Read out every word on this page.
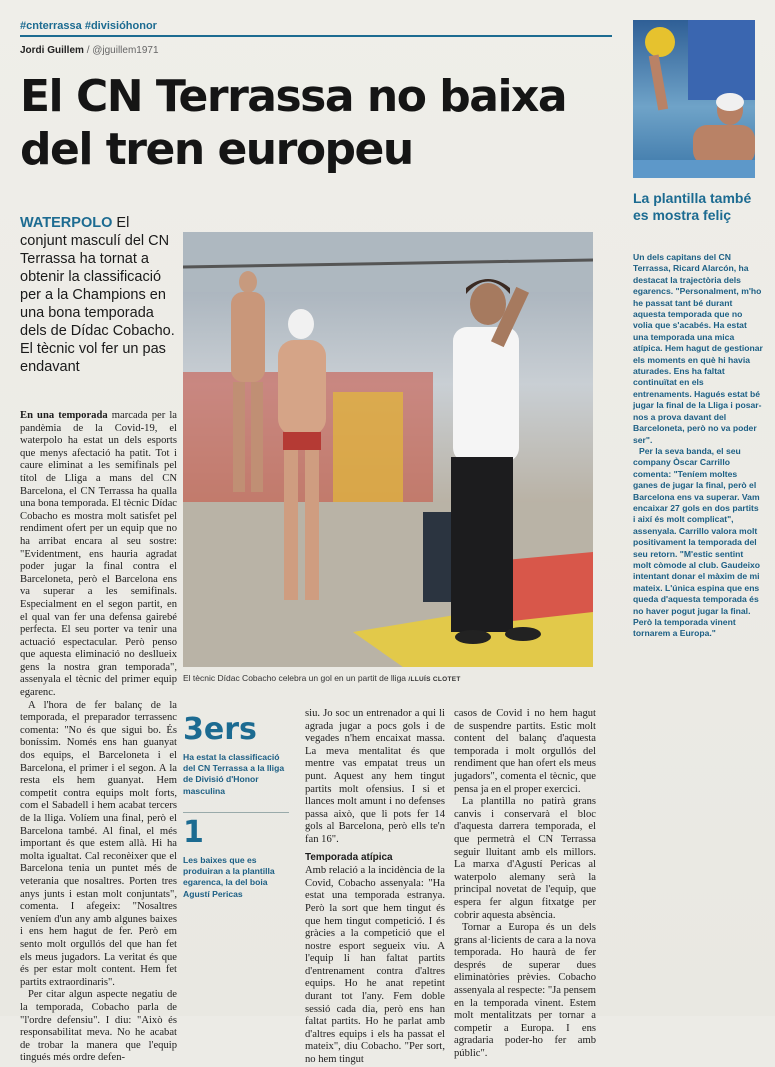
#cnterrassa #divisióhonor
Jordi Guillem / @jguillem1971
El CN Terrassa no baixa del tren europeu
WATERPOLO El conjunt masculí del CN Terrassa ha tornat a obtenir la classificació per a la Champions en una bona temporada dels de Dídac Cobacho. El tècnic vol fer un pas endavant
El tècnic Dídac Cobacho celebra un gol en un partit de lliga /LLUÍS CLOTET

En una temporada marcada per la pandèmia de la Covid-19, el waterpolo ha estat un dels esports que menys afectació ha patit. Tot i caure eliminat a les semifinals pel títol de Lliga a mans del CN Barcelona, el CN Terrassa ha qualla una bona temporada. El tècnic Dídac Cobacho es mostra molt satisfet pel rendiment ofert per un equip que no ha arribat encara al seu sostre: "Evidentment, ens hauria agradat poder jugar la final contra el Barceloneta, però el Barcelona ens va superar a les semifinals. Especialment en el segon partit, en el qual van fer una defensa gairebé perfecta. El seu porter va tenir una actuació espectacular. Però penso que aquesta eliminació no desllueix gens la nostra gran temporada", assenyala el tècnic del primer equip egarenc.

A l'hora de fer balanç de la temporada, el preparador terrassenc comenta: "No és que sigui bo. És boníssim. Només ens han guanyat dos equips, el Barceloneta i el Barcelona, el primer i el segon. A la resta els hem guanyat. Hem competit contra equips molt forts, com el Sabadell i hem acabat tercers de la lliga. Volíem una final, però el Barcelona també. Al final, el més important és que estem allà. Hi ha molta igualtat. Cal reconèixer que el Barcelona tenia un puntet més de veterania que nosaltres. Porten tres anys junts i estan molt conjuntats", comenta. I afegeix: "Nosaltres veníem d'un any amb algunes baixes i ens hem hagut de fer. Però em sento molt orgullós del que han fet els meus jugadors. La veritat és que és per estar molt content. Hem fet partits extraordinaris".

Per citar algun aspecte negatiu de la temporada, Cobacho parla de "l'ordre defensiu". I diu: "Això és responsabilitat meva. No he acabat de trobar la manera que l'equip tingués més ordre defen-

3ers
Ha estat la classificació del CN Terrassa a la lliga de Divisió d'Honor masculina
1
Les baixes que es produiran a la plantilla egarenca, la del boia Agustí Pericas

siu. Jo soc un entrenador a qui li agrada jugar a pocs gols i de vegades n'hem encaixat massa. La meva mentalitat és que mentre vas empatat treus un punt. Aquest any hem tingut partits molt ofensius. I si et llances molt amunt i no defenses passa això, que li pots fer 14 gols al Barcelona, però ells te'n fan 16".

Temporada atípica

Amb relació a la incidència de la Covid, Cobacho assenyala: "Ha estat una temporada estranya. Però la sort que hem tingut és que hem tingut competició. I és gràcies a la competició que el nostre esport segueix viu. A l'equip li han faltat partits d'entrenament contra d'altres equips. Ho he anat repetint durant tot l'any. Fem doble sessió cada dia, però ens han faltat partits. Ho he parlat amb d'altres equips i els ha passat el mateix", diu Cobacho. "Per sort, no hem tingut

casos de Covid i no hem hagut de suspendre partits. Estic molt content del balanç d'aquesta temporada i molt orgullós del rendiment que han ofert els meus jugadors", comenta el tècnic, que pensa ja en el proper exercici.

La plantilla no patirà grans canvis i conservarà el bloc d'aquesta darrera temporada, el que permetrà el CN Terrassa seguir lluitant amb els millors. La marxa d'Agustí Pericas al waterpolo alemany serà la principal novetat de l'equip, que espera fer algun fitxatge per cobrir aquesta absència.

Tornar a Europa és un dels grans al·licients de cara a la nova temporada. Ho haurà de fer després de superar dues eliminatòries prèvies. Cobacho assenyala al respecte: "Ja pensem en la temporada vinent. Estem molt mentalitzats per tornar a competir a Europa. I ens agradaria poder-ho fer amb públic".

La plantilla també es mostra feliç

Un dels capitans del CN Terrassa, Ricard Alarcón, ha destacat la trajectòria dels egarencs. "Personalment, m'ho he passat tant bé durant aquesta temporada que no volia que s'acabés. Ha estat una temporada una mica atípica. Hem hagut de gestionar els moments en què hi havia aturades. Ens ha faltat continuïtat en els entrenaments. Hagués estat bé jugar la final de la Lliga i posar-nos a prova davant del Barceloneta, però no va poder ser".

Per la seva banda, el seu company Òscar Carrillo comenta: "Teníem moltes ganes de jugar la final, però el Barcelona ens va superar. Vam encaixar 27 gols en dos partits i així és molt complicat", assenyala. Carrillo valora molt positivament la temporada del seu retorn. "M'estic sentint molt còmode al club. Gaudeixo intentant donar el màxim de mi mateix. L'única espina que ens queda d'aquesta temporada és no haver pogut jugar la final. Però la temporada vinent tornarem a Europa."
